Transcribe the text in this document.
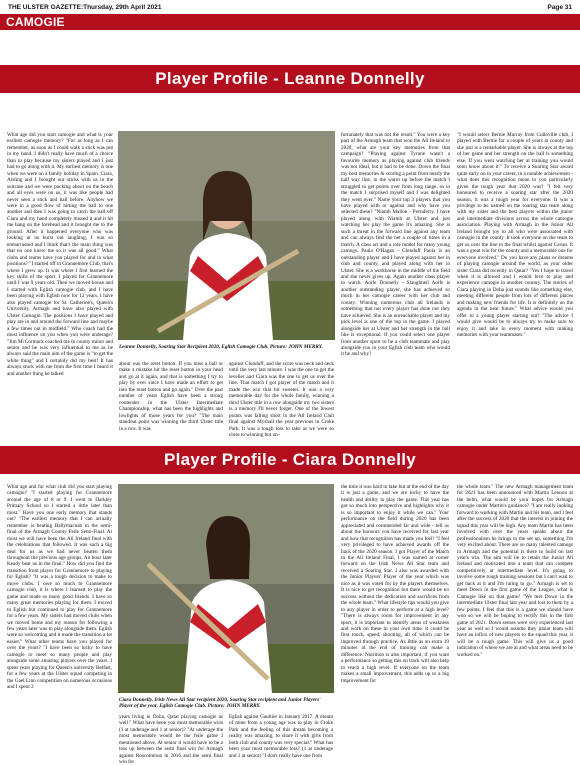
THE ULSTER GAZETTE:Thursday, 29th April 2021	Page 31
CAMOGIE
Player Profile - Leanne Donnelly

What age did you start camogie and what is your earliest camogie memory? "For as long as I can remember, as soon as I could walk a stick was put in my hand. I didn't really have much of a choice than to play because my sisters played and I just had to go along with it. My earliest memory is one when we were on a family holiday in Spain. Ciara, Aisling and I brought our sticks with us in the suitcase and we were pucking about on the beach and all eyes were on us, it was like people had never seen a stick and ball before. Anyhow we were in a good flow of hitting the ball to one another and then I was going to catch the ball off Ciara and my hand completely missed it and it hit me bang on the forehead and it brought me to the ground. After it happened everyone who was looking at us burst out laughing, I was so embarrassed and I think that's the main thing was that no one knew me so it was all good." What clubs and teams have you played for and in what positions? "I started off in Grannemore Club, that's where I grew up. It was where I first learned the key skills of the sport. I played for Grannemore until I was 9 years old. Then we moved house and I started with Eglish camogie club, and I have been playing with Eglish now for 12 years. I have also played camogie for St. Catherine's, Queen's University, Armagh and have also played with Ulster Camogie. The positions I have played and play are in and around the forward line and maybe a few times out in midfield." Who coach had the most influence on you when you were underage? "Jim McCormack coached me in county minor and senior and he was very influential to me as he always said the main aim of the game is "to get the white thing" and I certainly did my best! It has always stuck with me from the first time I heard it and another thing he talked

Leanne Donnelly, Soaring Star Recipient 2020, Eglish Camogie Club. Picture: JOHN MERRY.

about was the reset button. If you miss a ball or make a mistake hit the reset button in your head and go at it again, and that is something I try to play by ever since I have made an effort to get into the reset button and go again." Over the past number of years Eglish have been a strong contender in the Ulster Intermediate Championship, what has been the highlights and lowlights of those years for you? "The main standout point was winning the third Ulster title in a row. It was

against Clonduff, and the score was neck and neck until the very last minute. I was the one to get the leveller and Ciara was the one to get us over the line. That match I got player of the match and it made the win that bit sweeter. It was a very memorable day for the whole family, winning a third Ulster title in a row alongside my two sisters is a memory I'll never forget. One of the lowest points was falling short in the All Ireland Club final against Myshall the year previous in Croke Park. It was a tough loss to take as we were so close to winning but un-

fortunately that was not the result." You were a key part of the Armagh team that won the All Ireland in 2020, what are your key memories from that campaign? "Playing against Tyrone wasn't a favourite memory as playing against club friends was not ideal, but it had to be done. Down the final my best memories & scoring a point from nearly the half way line, in the warm up before the match I struggled to get points over from long range, so in the match I surprised myself and I was delighted they went over." Name your top 3 players that you have played with or against and why have you selected these? "Niamh Mallon - Portaferry. I have played along with Niamh at Ulster and just watching her play the game it's amazing. She is such a threat in the forward line against any team and can always find the net a couple of times in a match. A class act and a role model for many young camogs. Paula O'Hagan - Glenduff Paula is an outstanding player and I have played against her in club and county, and played along with her in Ulster. She is a workhorse in the middle of the field and she never gives up. Again another class player to watch. Aoife Donnelly - Slaughneil Aoife is another outstanding player, she has achieved so much in her camogie career with her club and county. Winning numerous club all Irelands is something that not every player has done nor they have achieved. She is an unreachable player and my pick level is one of the top in the game. I played alongside her at Ulster and her strength in the ball like is exceptional. If you could select one player from another sport to be a club teammate and play alongside you in your Eglish club team who would it be and why?

"I would select Bernie Murray from Culloville club, I played with Bernie for a couple of years at county and she just is a remarkable player. She is always at the top of her game and her strength on the ball is something else. If you went watching her at training you would soon know about it." To receive a Soaring Star award quite early on in your career, in a notable achievement - what does this recognition mean to you particularly given the tough year that 2020 was? "I felt very honoured to receive a soaring star after the 2020 season, it was a tough year for everyone. It was a privilege to be named on the soaring star team along with my sister and the best players within the junior and intermediate divisions across the whole camogie association. Playing with Armagh in the Junior All Ireland brought joy to all who were associated with camogie in the county. It took everyone on the team to get us over the line in the final whilst against Cavan. It was a great win for the county and a memorable one for everyone involved." Do you have any plans or dreams of playing camogie around the world, as your older sister Ciara did recently in Qatar? "Yes I hope to travel when it is allowed and I would love to play and experience camogie in another country. The stories of Ciara playing in Doha just sounds like something else, meeting different people from lots of different places and making new friends for life. It is definitely on the agenda in the near future." What advice would you offer to a young player starting out? "The advice I would give would be to always try to make sure to enjoy it and take in every moment with making memories with your teammates."

Player Profile - Ciara Donnelly

What age and for what club did you start playing camogie? "I started playing for Grannemore around the age of 8 or 9. I went to Darkley Primary School so I started a little later than most." Have you one early memory that stands out? "The earliest memory that I can actually remember is beating Ballymacnab in the semi-final of the Armagh County Feile Semi-Final. At most we will have been the All Ireland final with the celebrations that followed. It was such a big deal for us as we had never beaten them throughout the previous age groups. An hour later Keady beat us in the final." How did you find the transition from player for Grannemore to playing for Eglish? "It was a tough decision to make to move clubs. I owe so much to Grannemore camogie club, it is where I learned to play the game and made so many good friends. I have so many great memories playing for them. I moved to Eglish but continued to play for Grannemore for a few years. My sisters had moved clubs when we moved home and my reason for following a few years later was to play alongside them. Eglish were so welcoming and it made the transition a lot easier." What other teams have you played for over the years? "I have been so lucky to have camogie to meet so many people and play alongside some amazing players over the years. I spent years playing for Queen's university Belfast, for a few years at the Ulster squad competing in the Gael Linn competition on numerous occasions and I spent 2

Ciara Donnelly, Irish News All Star recipient 2020, Soaring Star recipient and Junior Players' Player of the year, Eglish Camogie Club. Picture: JOHN MERRY.

years living in Doha, Qatar playing camogie as well." What have been you most memorable wins (1 at underage and 1 at senior)? "At underage the most memorable would be the feile game I mentioned above. At senior it would have to be a toss up between the semi final win for Armagh against Roscommon in 2016 and the semi final win for

Eglish against Gaultier in January 2017. A dream of mine from a young age was to play in Croke Park and the feeling of this dream becoming a reality was amazing, to share it with girls from both club and county was very special." What has been your most memorable loss? (1 at underage and 1 at senior) "I don't really have one from

the time it was hard to take but at the end of the day it is just a game, and we are lucky to have the health and ability to play the game. This year has got so much into perspective and highlights why it is so important to enjoy it while we can." Your performance on the field during 2020 has been appreciated and commended far and wide - tell us about the honours you have received for last year and how that recognition has made you feel? "I feel very privileged to have achieved awards off the back of the 2020 season. I got Player of the Match in the All Ireland Final, I was named at corner forward on the Irish News All Star team and received a Soaring Star. I also was awarded with the Junior Players' Player of the year which was nice as it was voted for by the players themselves. It is nice to get recognition but there would be no success without the dedication and sacrifices from the whole team." What lifestyle tips would you give to any player in order to perform at a high level? "There is always room for improvement in any sport, it is important to identify areas of weakness and work on these in your own time. It could be first touch, speed, shooting, all of which can be improved through practice. As little as an extra 10 minutes at the end of training can make a difference. Nutrition is also important, if you want a performance so getting this on track will also help to reach a high level. If everyone on the team makes a small improvement, this adds up to a big improvement for

the whole team." The new Armagh management team for 2021 has been announced with Martin Lennon at the helm, what would be your hopes for Armagh camogie under Martin's guidance? "I am really looking forward to working with Martin and his team, and I feel after the success of 2020 that the interest in joining the squad this year will be high. Any team Martin has been involved with over the years speaks about the professionalism he brings to the set up, something I'm very excited about. There are so many talented camogs in Armagh and the potential is there to build on last year's win. The aim will be to retain the Junior All Ireland and motivated into a team that can compete competitively at intermediate level. It's going to involve some tough training sessions but I can't wait to get back at it and I'm raring to go." Armagh is set to meet Down in the first game of the League, what is Camogie like on that game? "We met Down in the intermediate Ulster final last year and lost to them by a few points, I feel that this is a game we should have won so we will be hoping to rectify this in the first game of 2021. Down senses were very experienced last year as well so I would assume they junior team will have an influx of new players to the squad this year, it will be a tough game. This will give us a good indication of where we are at and what areas need to be worked on."
